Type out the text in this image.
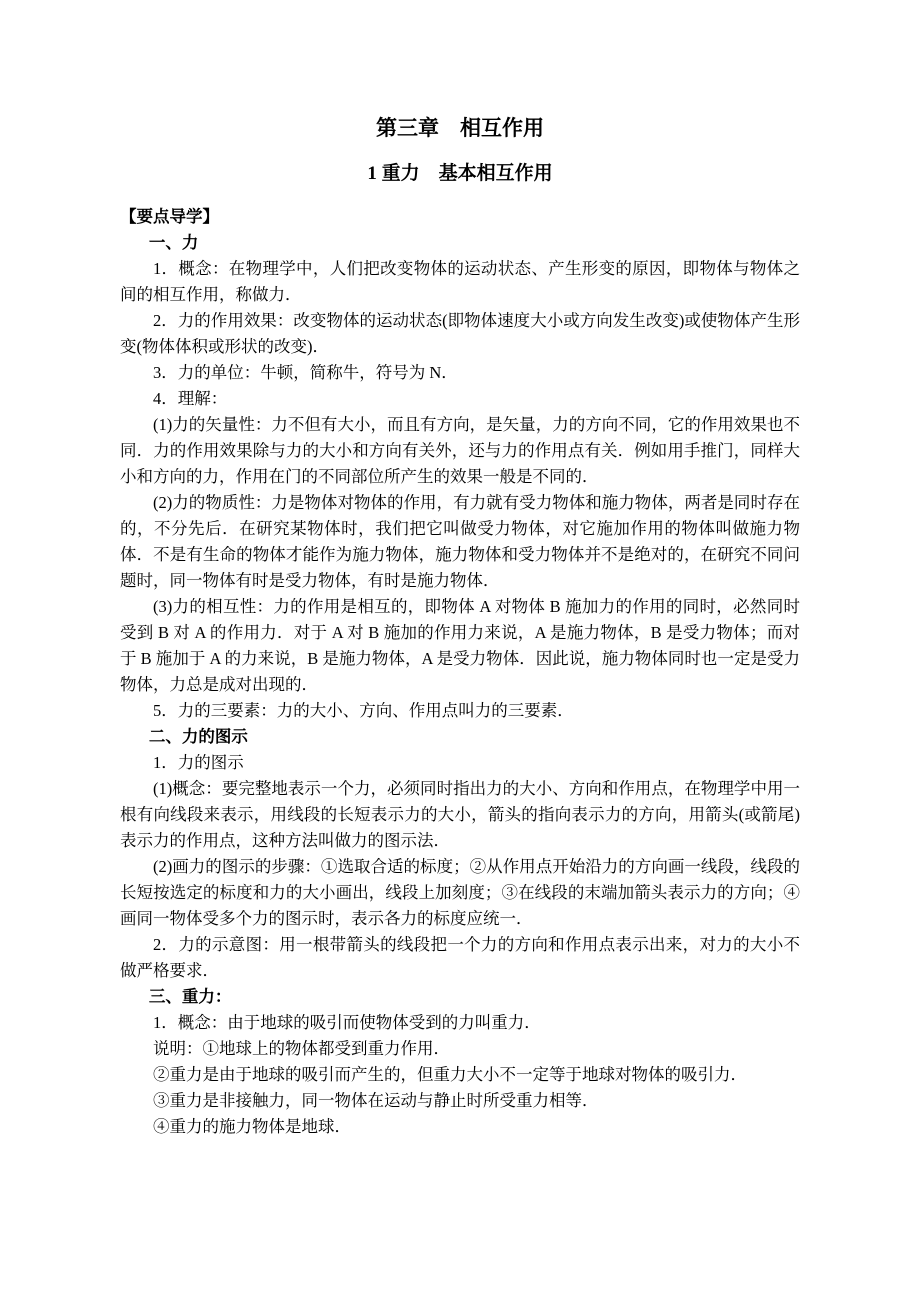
第三章　相互作用
1 重力　基本相互作用

【要点导学】

一、力

1．概念：在物理学中，人们把改变物体的运动状态、产生形变的原因，即物体与物体之间的相互作用，称做力．

2．力的作用效果：改变物体的运动状态(即物体速度大小或方向发生改变)或使物体产生形变(物体体积或形状的改变)．

3．力的单位：牛顿，简称牛，符号为 N．

4．理解：

(1)力的矢量性：力不但有大小，而且有方向，是矢量，力的方向不同，它的作用效果也不同．力的作用效果除与力的大小和方向有关外，还与力的作用点有关．例如用手推门，同样大小和方向的力，作用在门的不同部位所产生的效果一般是不同的．

(2)力的物质性：力是物体对物体的作用，有力就有受力物体和施力物体，两者是同时存在的，不分先后．在研究某物体时，我们把它叫做受力物体，对它施加作用的物体叫做施力物体．不是有生命的物体才能作为施力物体，施力物体和受力物体并不是绝对的，在研究不同问题时，同一物体有时是受力物体，有时是施力物体．

(3)力的相互性：力的作用是相互的，即物体 A 对物体 B 施加力的作用的同时，必然同时受到 B 对 A 的作用力．对于 A 对 B 施加的作用力来说，A 是施力物体，B 是受力物体；而对于 B 施加于 A 的力来说，B 是施力物体，A 是受力物体．因此说，施力物体同时也一定是受力物体，力总是成对出现的．

5．力的三要素：力的大小、方向、作用点叫力的三要素．

二、力的图示

1．力的图示

(1)概念：要完整地表示一个力，必须同时指出力的大小、方向和作用点，在物理学中用一根有向线段来表示，用线段的长短表示力的大小，箭头的指向表示力的方向，用箭头(或箭尾)表示力的作用点，这种方法叫做力的图示法．

(2)画力的图示的步骤：①选取合适的标度；②从作用点开始沿力的方向画一线段，线段的长短按选定的标度和力的大小画出，线段上加刻度；③在线段的末端加箭头表示力的方向；④画同一物体受多个力的图示时，表示各力的标度应统一．

2．力的示意图：用一根带箭头的线段把一个力的方向和作用点表示出来，对力的大小不做严格要求．

三、重力：

1．概念：由于地球的吸引而使物体受到的力叫重力．

说明：①地球上的物体都受到重力作用．

②重力是由于地球的吸引而产生的，但重力大小不一定等于地球对物体的吸引力．

③重力是非接触力，同一物体在运动与静止时所受重力相等．

④重力的施力物体是地球．
